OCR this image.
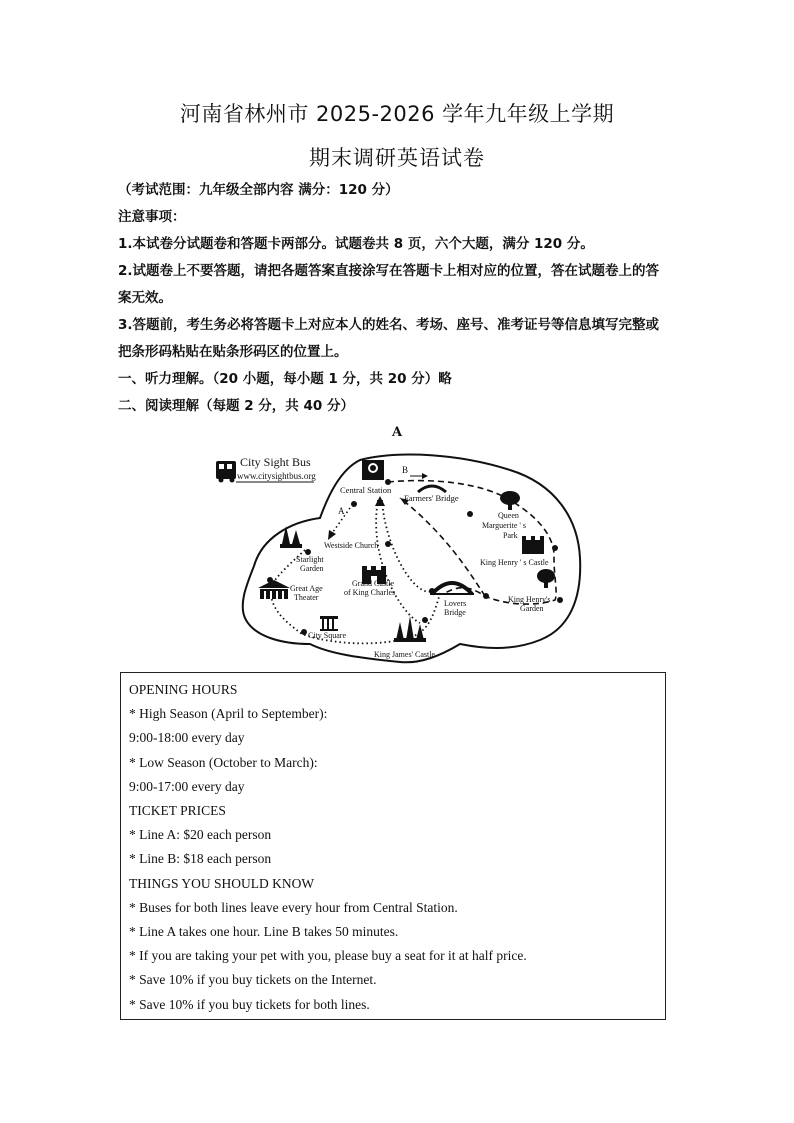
河南省林州市 2025-2026 学年九年级上学期
期末调研英语试卷
（考试范围：九年级全部内容 满分：120 分）
注意事项：
1.本试卷分试题卷和答题卡两部分。试题卷共 8 页，六个大题，满分 120 分。
2.试题卷上不要答题，请把各题答案直接涂写在答题卡上相对应的位置，答在试题卷上的答
案无效。
3.答题前，考生务必将答题卡上对应本人的姓名、考场、座号、准考证号等信息填写完整或
把条形码粘贴在贴条形码区的位置上。
一、听力理解。（20 小题，每小题 1 分，共 20 分）略
二、阅读理解（每题 2 分，共 40 分）
A
City Sight Bus
www.citysightbus.org
Central Station
B
Farmers' Bridge
Queen
Marguerite ' s
Park
King Henry ' s Castle
King Henry's
Garden
A
Westside Church
Starlight
Garden
Great Age
Theater
Grand Castle
of King Charles
Lovers
Bridge
City Square
King James' Castle
OPENING HOURS
* High Season (April to September):
9:00-18:00 every day
* Low Season (October to March):
9:00-17:00 every day
TICKET PRICES
* Line A: $20 each person
* Line B: $18 each person
THINGS YOU SHOULD KNOW
* Buses for both lines leave every hour from Central Station.
* Line A takes one hour. Line B takes 50 minutes.
* If you are taking your pet with you, please buy a seat for it at half price.
* Save 10% if you buy tickets on the Internet.
* Save 10% if you buy tickets for both lines.
